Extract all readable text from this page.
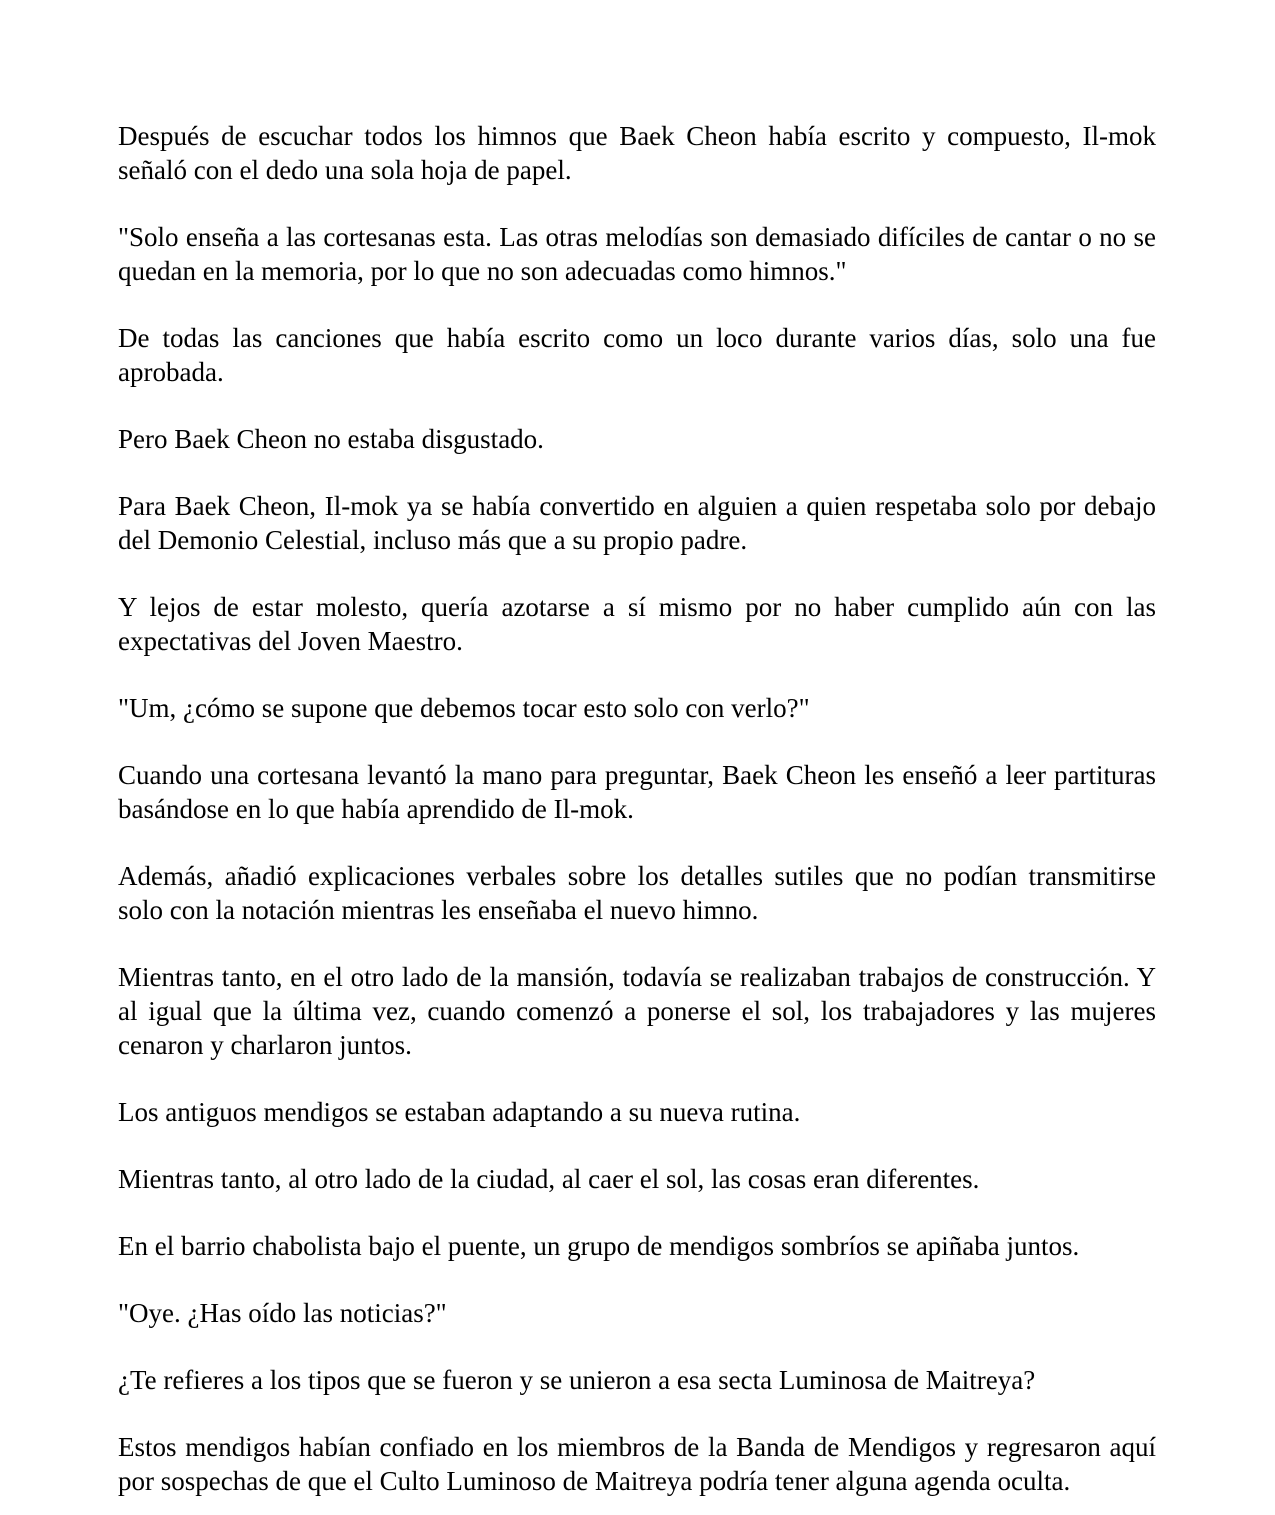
Después de escuchar todos los himnos que Baek Cheon había escrito y compuesto, Il-mok señaló con el dedo una sola hoja de papel.

"Solo enseña a las cortesanas esta. Las otras melodías son demasiado difíciles de cantar o no se quedan en la memoria, por lo que no son adecuadas como himnos."

De todas las canciones que había escrito como un loco durante varios días, solo una fue aprobada.

Pero Baek Cheon no estaba disgustado.

Para Baek Cheon, Il-mok ya se había convertido en alguien a quien respetaba solo por debajo del Demonio Celestial, incluso más que a su propio padre.

Y lejos de estar molesto, quería azotarse a sí mismo por no haber cumplido aún con las expectativas del Joven Maestro.

"Um, ¿cómo se supone que debemos tocar esto solo con verlo?"

Cuando una cortesana levantó la mano para preguntar, Baek Cheon les enseñó a leer partituras basándose en lo que había aprendido de Il-mok.

Además, añadió explicaciones verbales sobre los detalles sutiles que no podían transmitirse solo con la notación mientras les enseñaba el nuevo himno.

Mientras tanto, en el otro lado de la mansión, todavía se realizaban trabajos de construcción. Y al igual que la última vez, cuando comenzó a ponerse el sol, los trabajadores y las mujeres cenaron y charlaron juntos.

Los antiguos mendigos se estaban adaptando a su nueva rutina.

Mientras tanto, al otro lado de la ciudad, al caer el sol, las cosas eran diferentes.

En el barrio chabolista bajo el puente, un grupo de mendigos sombríos se apiñaba juntos.

"Oye. ¿Has oído las noticias?"

¿Te refieres a los tipos que se fueron y se unieron a esa secta Luminosa de Maitreya?

Estos mendigos habían confiado en los miembros de la Banda de Mendigos y regresaron aquí por sospechas de que el Culto Luminoso de Maitreya podría tener alguna agenda oculta.
